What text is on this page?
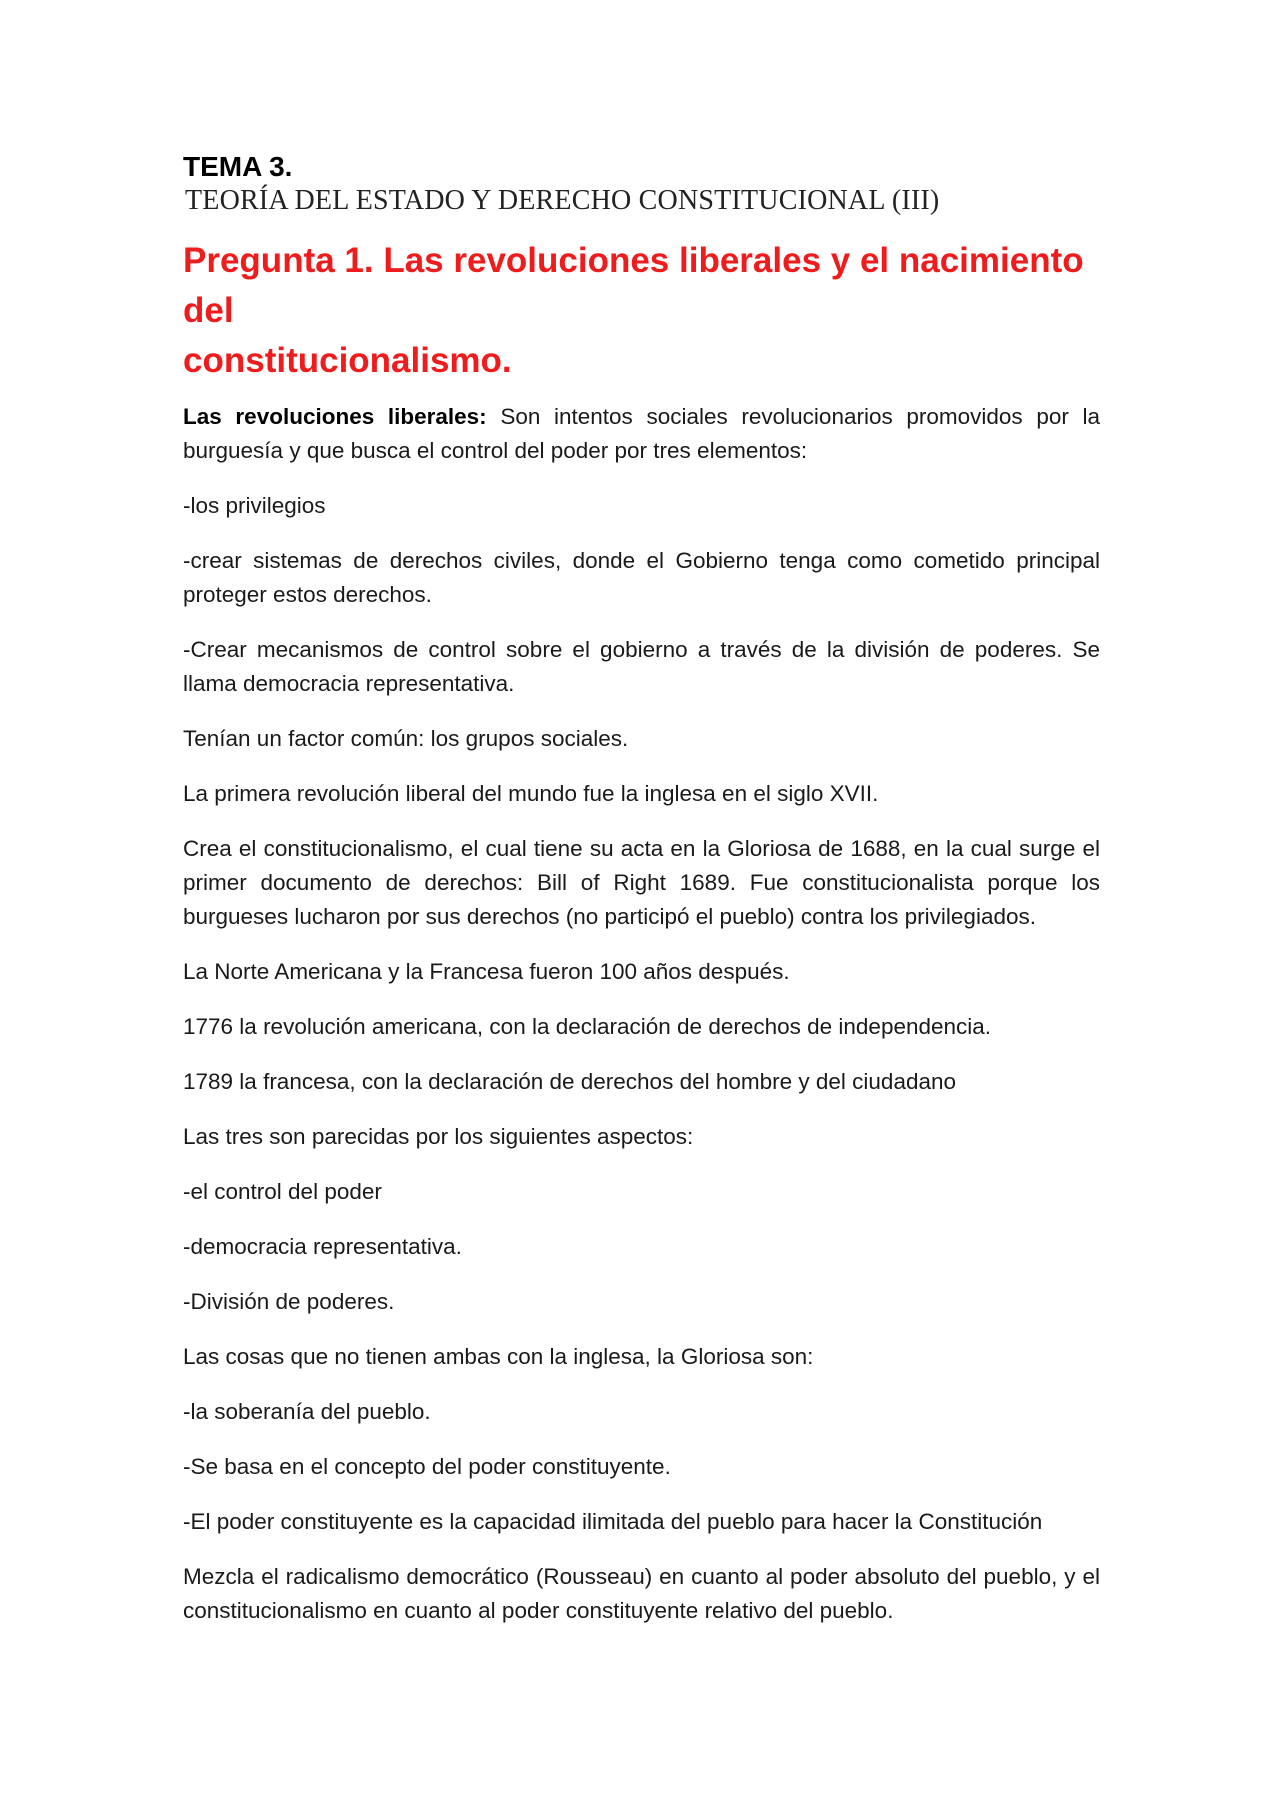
TEMA 3.
TEORÍA DEL ESTADO Y DERECHO CONSTITUCIONAL (III)
Pregunta 1. Las revoluciones liberales y el nacimiento del
constitucionalismo.

Las revoluciones liberales: Son intentos sociales revolucionarios promovidos por la burguesía y que busca el control del poder por tres elementos:

-los privilegios

-crear sistemas de derechos civiles, donde el Gobierno tenga como cometido principal proteger estos derechos.

-Crear mecanismos de control sobre el gobierno a través de la división de poderes. Se llama democracia representativa.

Tenían un factor común: los grupos sociales.

La primera revolución liberal del mundo fue la inglesa en el siglo XVII.

Crea el constitucionalismo, el cual tiene su acta en la Gloriosa de 1688, en la cual surge el primer documento de derechos: Bill of Right 1689. Fue constitucionalista porque los burgueses lucharon por sus derechos (no participó el pueblo) contra los privilegiados.

La Norte Americana y la Francesa fueron 100 años después.

1776 la revolución americana, con la declaración de derechos de independencia.

1789 la francesa, con la declaración de derechos del hombre y del ciudadano

Las tres son parecidas por los siguientes aspectos:

-el control del poder

-democracia representativa.

-División de poderes.

Las cosas que no tienen ambas con la inglesa, la Gloriosa son:

-la soberanía del pueblo.

-Se basa en el concepto del poder constituyente.

-El poder constituyente es la capacidad ilimitada del pueblo para hacer la Constitución

Mezcla el radicalismo democrático (Rousseau) en cuanto al poder absoluto del pueblo, y el constitucionalismo en cuanto al poder constituyente relativo del pueblo.
